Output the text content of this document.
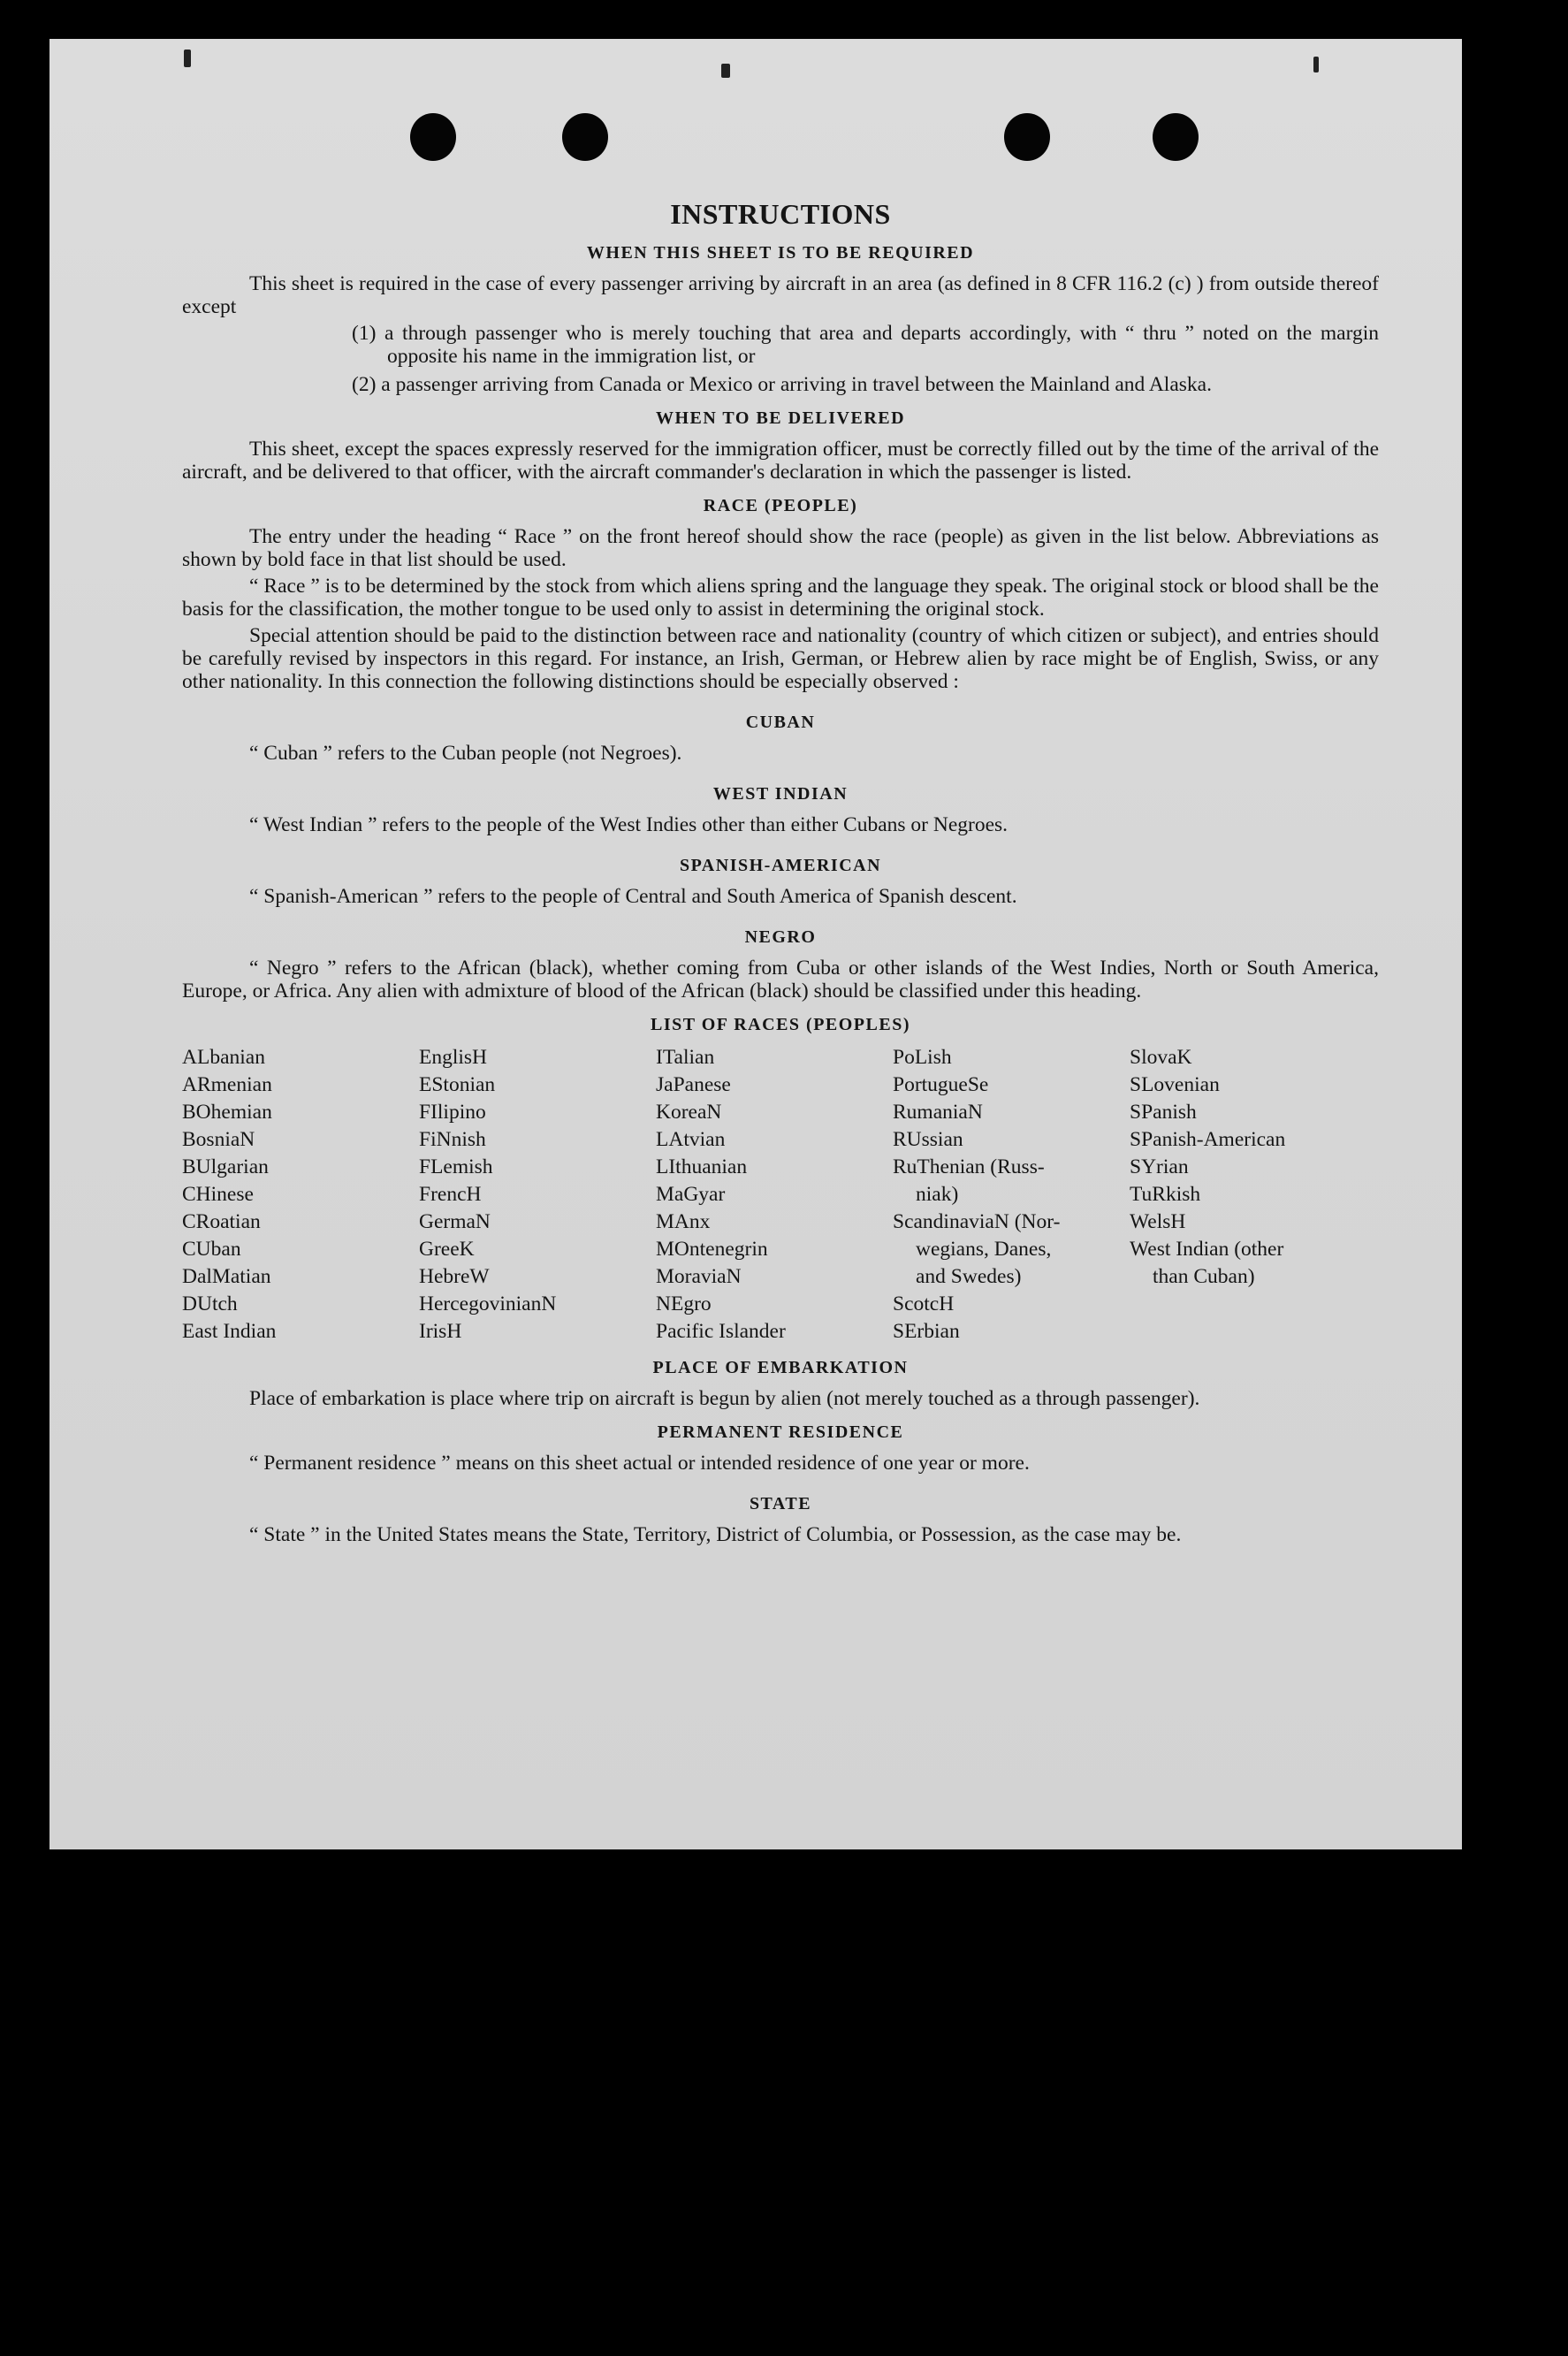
INSTRUCTIONS
WHEN THIS SHEET IS TO BE REQUIRED
This sheet is required in the case of every passenger arriving by aircraft in an area (as defined in 8 CFR 116.2 (c) ) from outside thereof except
(1) a through passenger who is merely touching that area and departs accordingly, with “ thru ” noted on the margin opposite his name in the immigration list, or
(2) a passenger arriving from Canada or Mexico or arriving in travel between the Mainland and Alaska.
WHEN TO BE DELIVERED
This sheet, except the spaces expressly reserved for the immigration officer, must be correctly filled out by the time of the arrival of the aircraft, and be delivered to that officer, with the aircraft commander's declaration in which the passenger is listed.
RACE (PEOPLE)
The entry under the heading “ Race ” on the front hereof should show the race (people) as given in the list below. Abbreviations as shown by bold face in that list should be used.
“ Race ” is to be determined by the stock from which aliens spring and the language they speak. The original stock or blood shall be the basis for the classification, the mother tongue to be used only to assist in determining the original stock.
Special attention should be paid to the distinction between race and nationality (country of which citizen or subject), and entries should be carefully revised by inspectors in this regard. For instance, an Irish, German, or Hebrew alien by race might be of English, Swiss, or any other nationality. In this connection the following distinctions should be especially observed :
CUBAN
“ Cuban ” refers to the Cuban people (not Negroes).
WEST INDIAN
“ West Indian ” refers to the people of the West Indies other than either Cubans or Negroes.
SPANISH-AMERICAN
“ Spanish-American ” refers to the people of Central and South America of Spanish descent.
NEGRO
“ Negro ” refers to the African (black), whether coming from Cuba or other islands of the West Indies, North or South America, Europe, or Africa. Any alien with admixture of blood of the African (black) should be classified under this heading.
LIST OF RACES (PEOPLES)
ALbanian
ARmenian
BOhemian
BosniaN
BUlgarian
CHinese
CRoatian
CUban
DalMatian
DUtch
East Indian
EnglisH
EStonian
FIlipino
FiNnish
FLemish
FrencH
GermaN
GreeK
HebreW
HercegovinianN
IrisH
ITalian
JaPanese
KoreaN
LAtvian
LIthuanian
MaGyar
MAnx
MOntenegrin
MoraviaN
NEgro
Pacific Islander
PoLish
PortugueSe
RumaniaN
RUssian
RuThenian (Russ-
niak)
ScandinaviaN (Nor-
wegians, Danes,
and Swedes)
ScotcH
SErbian
SlovaK
SLovenian
SPanish
SPanish-American
SYrian
TuRkish
WelsH
West Indian (other
than Cuban)
PLACE OF EMBARKATION
Place of embarkation is place where trip on aircraft is begun by alien (not merely touched as a through passenger).
PERMANENT RESIDENCE
“ Permanent residence ” means on this sheet actual or intended residence of one year or more.
STATE
“ State ” in the United States means the State, Territory, District of Columbia, or Possession, as the case may be.
